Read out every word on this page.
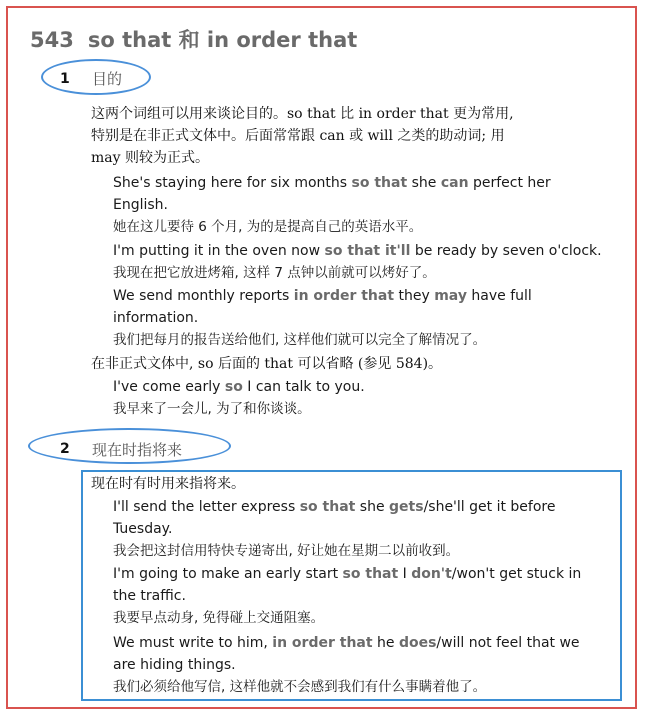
543 so that 和 in order that
1 目的
这两个词组可以用来谈论目的。so that 比 in order that 更为常用,
特别是在非正式文体中。后面常常跟 can 或 will 之类的助动词; 用
may 则较为正式。
She's staying here for six months so that she can perfect her
English.
她在这儿要待 6 个月, 为的是提高自己的英语水平。
I'm putting it in the oven now so that it'll be ready by seven o'clock.
我现在把它放进烤箱, 这样 7 点钟以前就可以烤好了。
We send monthly reports in order that they may have full
information.
我们把每月的报告送给他们, 这样他们就可以完全了解情况了。
在非正式文体中, so 后面的 that 可以省略 (参见 584)。
I've come early so I can talk to you.
我早来了一会儿, 为了和你谈谈。
2 现在时指将来
现在时有时用来指将来。
I'll send the letter express so that she gets/she'll get it before
Tuesday.
我会把这封信用特快专递寄出, 好让她在星期二以前收到。
I'm going to make an early start so that I don't/won't get stuck in
the traffic.
我要早点动身, 免得碰上交通阻塞。
We must write to him, in order that he does/will not feel that we
are hiding things.
我们必须给他写信, 这样他就不会感到我们有什么事瞒着他了。
